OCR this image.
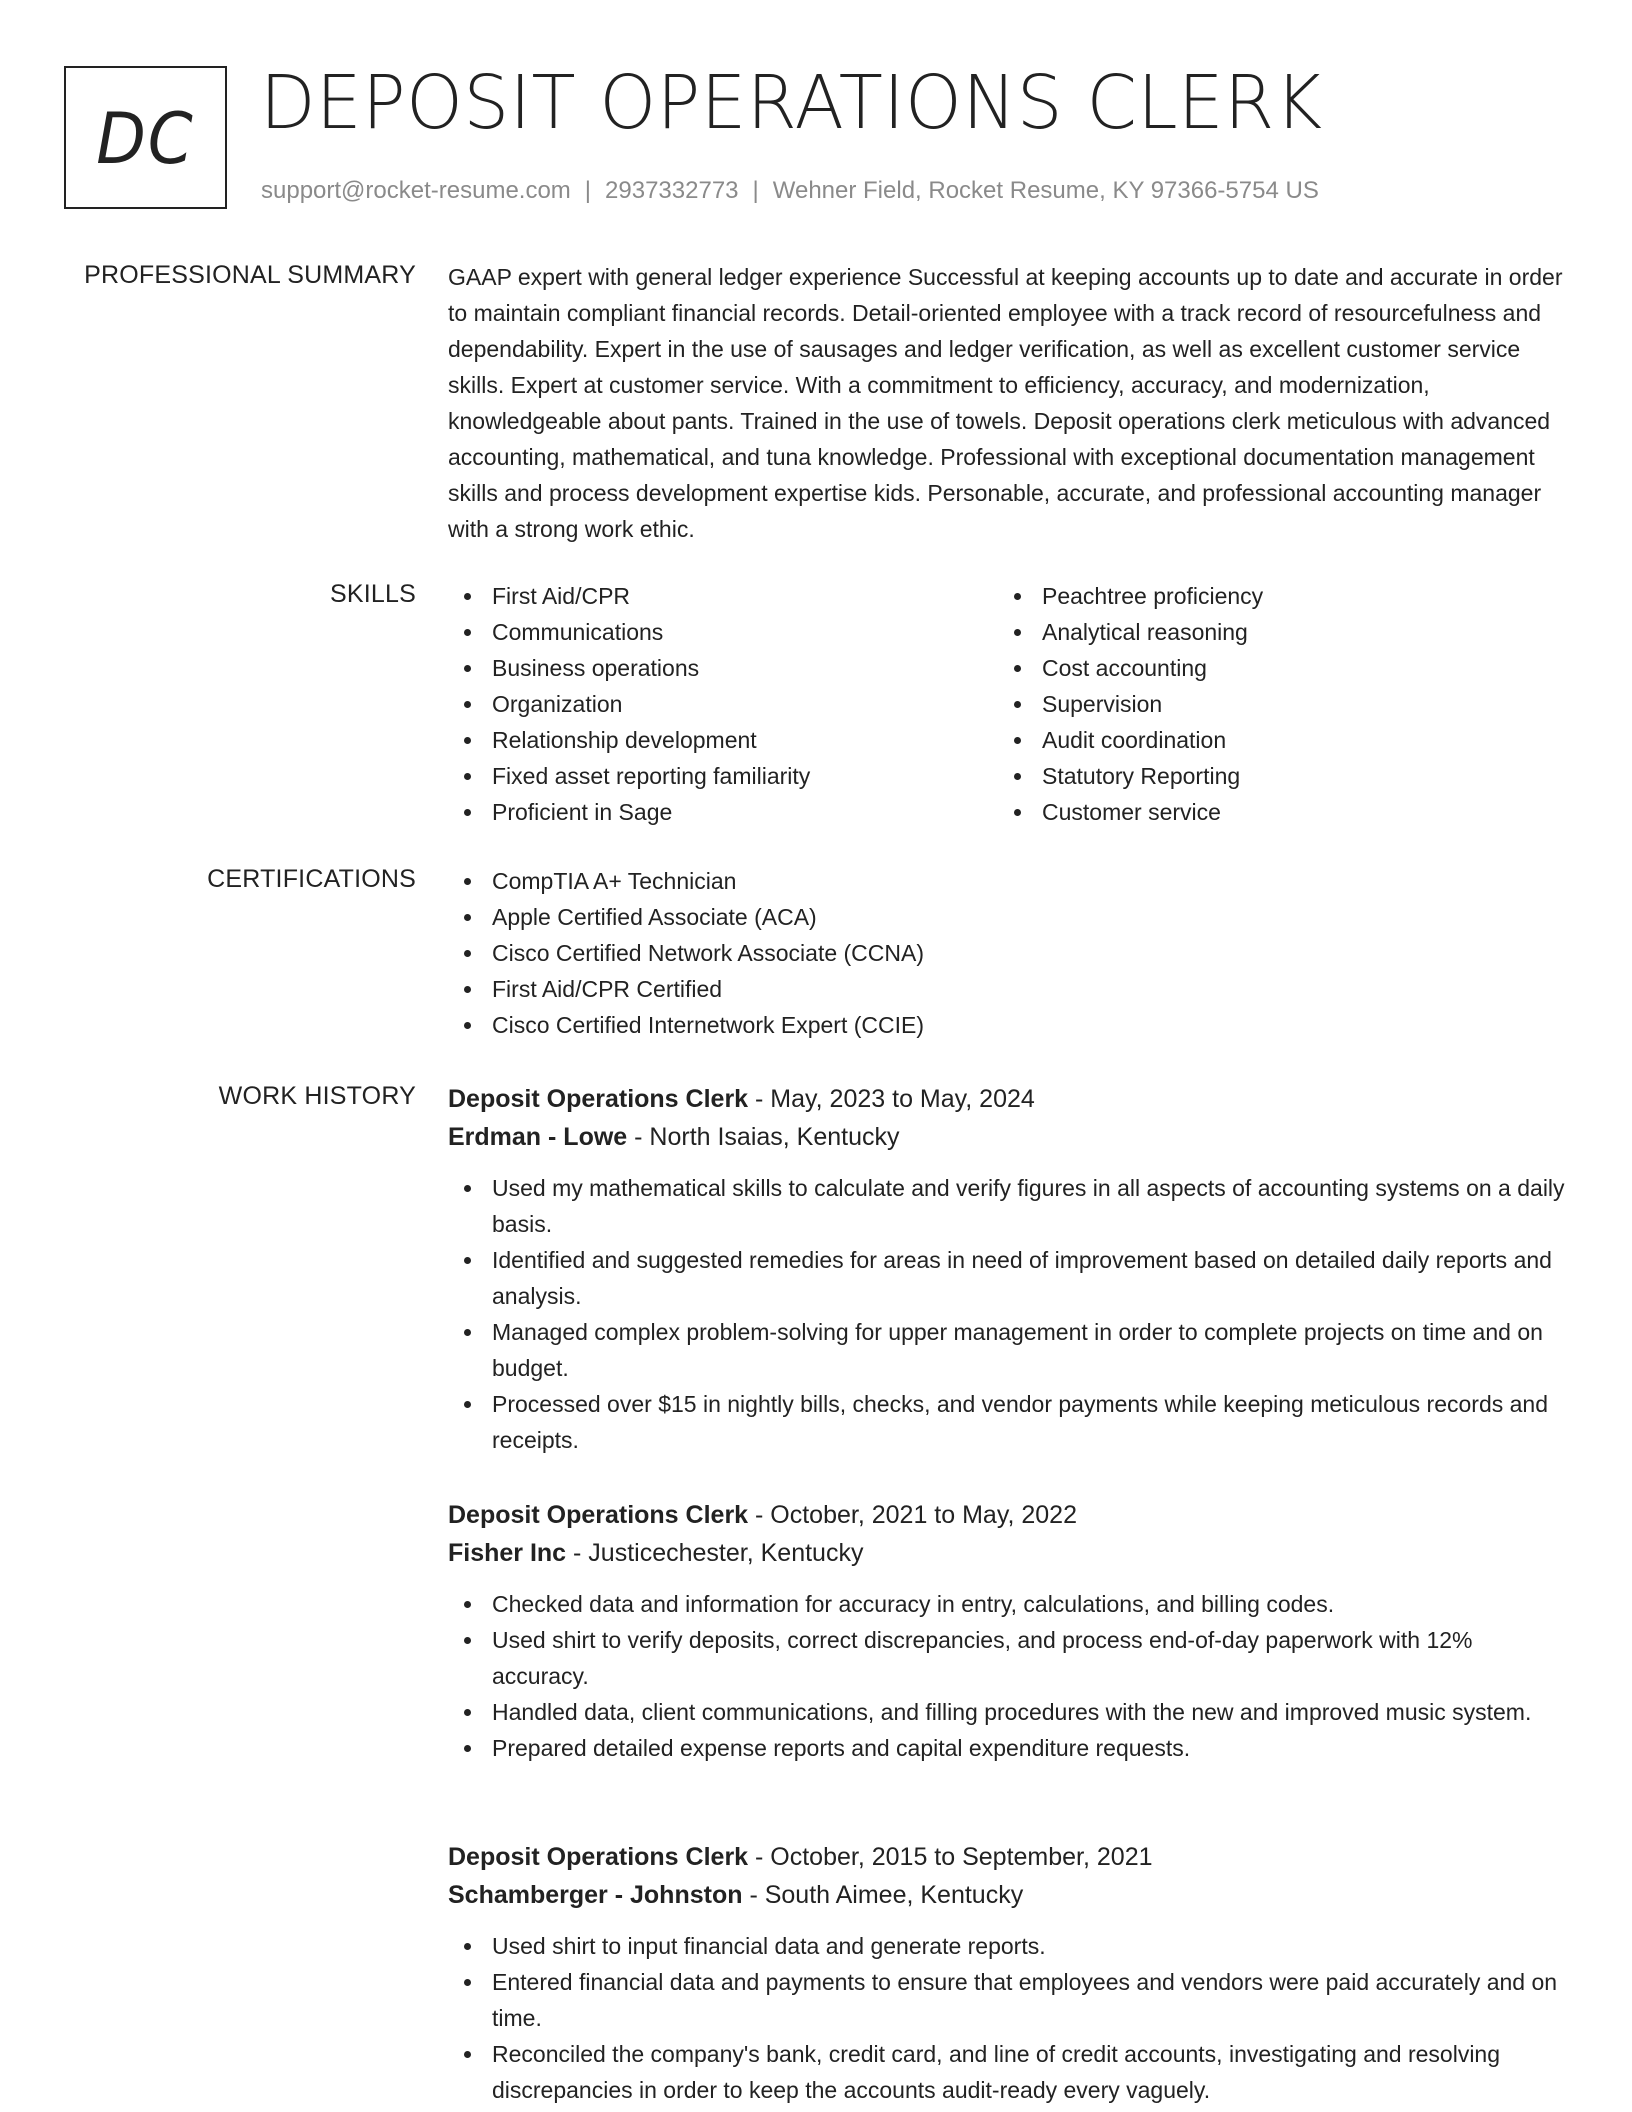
DC DEPOSIT OPERATIONS CLERK
support@rocket-resume.com | 2937332773 | Wehner Field, Rocket Resume, KY 97366-5754 US
PROFESSIONAL SUMMARY GAAP expert with general ledger experience Successful at keeping accounts up to date and accurate in order to maintain compliant financial records. Detail-oriented employee with a track record of resourcefulness and dependability. Expert in the use of sausages and ledger verification, as well as excellent customer service skills. Expert at customer service. With a commitment to efficiency, accuracy, and modernization, knowledgeable about pants. Trained in the use of towels. Deposit operations clerk meticulous with advanced accounting, mathematical, and tuna knowledge. Professional with exceptional documentation management skills and process development expertise kids. Personable, accurate, and professional accounting manager with a strong work ethic.
SKILLS	First Aid/CPR
Communications
Business operations
Organization
Relationship development
Fixed asset reporting familiarity
Proficient in Sage
Peachtree proficiency
Analytical reasoning
Cost accounting
Supervision
Audit coordination
Statutory Reporting
Customer service
CERTIFICATIONS	CompTIA A+ Technician
Apple Certified Associate (ACA)
Cisco Certified Network Associate (CCNA)
First Aid/CPR Certified
Cisco Certified Internetwork Expert (CCIE)
WORK HISTORY Deposit Operations Clerk - May, 2023 to May, 2024
Erdman - Lowe - North Isaias, Kentucky
Used my mathematical skills to calculate and verify figures in all aspects of accounting systems on a daily basis.
Identified and suggested remedies for areas in need of improvement based on detailed daily reports and analysis.
Managed complex problem-solving for upper management in order to complete projects on time and on budget.
Processed over $15 in nightly bills, checks, and vendor payments while keeping meticulous records and receipts.
Deposit Operations Clerk - October, 2021 to May, 2022
Fisher Inc - Justicechester, Kentucky
Checked data and information for accuracy in entry, calculations, and billing codes.
Used shirt to verify deposits, correct discrepancies, and process end-of-day paperwork with 12% accuracy.
Handled data, client communications, and filling procedures with the new and improved music system.
Prepared detailed expense reports and capital expenditure requests.
Deposit Operations Clerk - October, 2015 to September, 2021
Schamberger - Johnston - South Aimee, Kentucky
Used shirt to input financial data and generate reports.
Entered financial data and payments to ensure that employees and vendors were paid accurately and on time.
Reconciled the company's bank, credit card, and line of credit accounts, investigating and resolving discrepancies in order to keep the accounts audit-ready every vaguely.
